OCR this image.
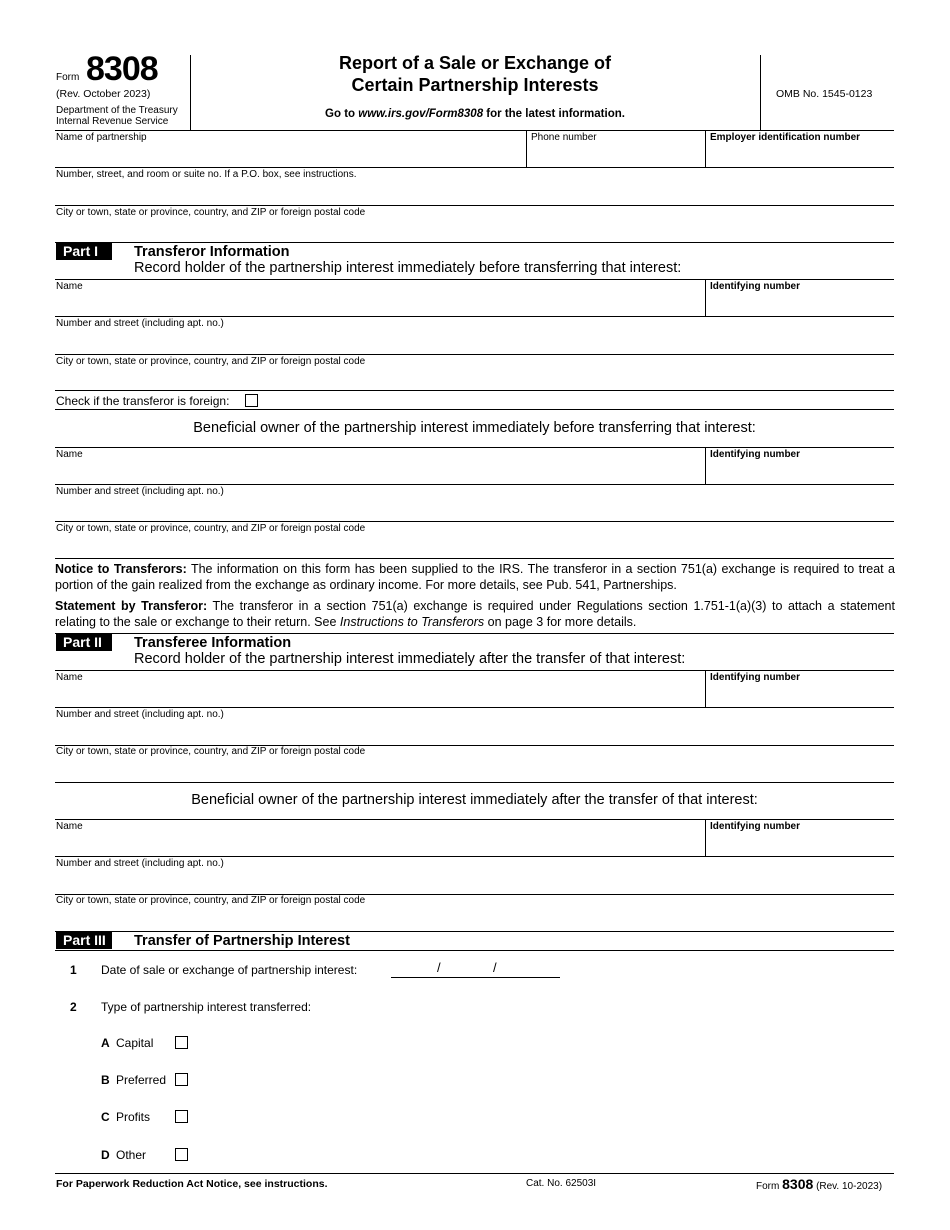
Form 8308
(Rev. October 2023)
Department of the Treasury
Internal Revenue Service
Report of a Sale or Exchange of
Certain Partnership Interests
Go to www.irs.gov/Form8308 for the latest information.
OMB No. 1545-0123
Name of partnership	Phone number	Employer identification number
Number, street, and room or suite no. If a P.O. box, see instructions.
City or town, state or province, country, and ZIP or foreign postal code
Part I	Transferor Information
Record holder of the partnership interest immediately before transferring that interest:
Name	Identifying number
Number and street (including apt. no.)
City or town, state or province, country, and ZIP or foreign postal code
Check if the transferor is foreign:
Beneficial owner of the partnership interest immediately before transferring that interest:
Name	Identifying number
Number and street (including apt. no.)
City or town, state or province, country, and ZIP or foreign postal code
Notice to Transferors: The information on this form has been supplied to the IRS. The transferor in a section 751(a) exchange is required to treat a portion of the gain realized from the exchange as ordinary income. For more details, see Pub. 541, Partnerships.
Statement by Transferor: The transferor in a section 751(a) exchange is required under Regulations section 1.751-1(a)(3) to attach a statement relating to the sale or exchange to their return. See Instructions to Transferors on page 3 for more details.
Part II	Transferee Information
Record holder of the partnership interest immediately after the transfer of that interest:
Name	Identifying number
Number and street (including apt. no.)
City or town, state or province, country, and ZIP or foreign postal code
Beneficial owner of the partnership interest immediately after the transfer of that interest:
Name	Identifying number
Number and street (including apt. no.)
City or town, state or province, country, and ZIP or foreign postal code
Part III	Transfer of Partnership Interest
1 Date of sale or exchange of partnership interest:	/	/
2 Type of partnership interest transferred:
A Capital
B Preferred
C Profits
D Other
For Paperwork Reduction Act Notice, see instructions.	Cat. No. 62503I	Form 8308 (Rev. 10-2023)
